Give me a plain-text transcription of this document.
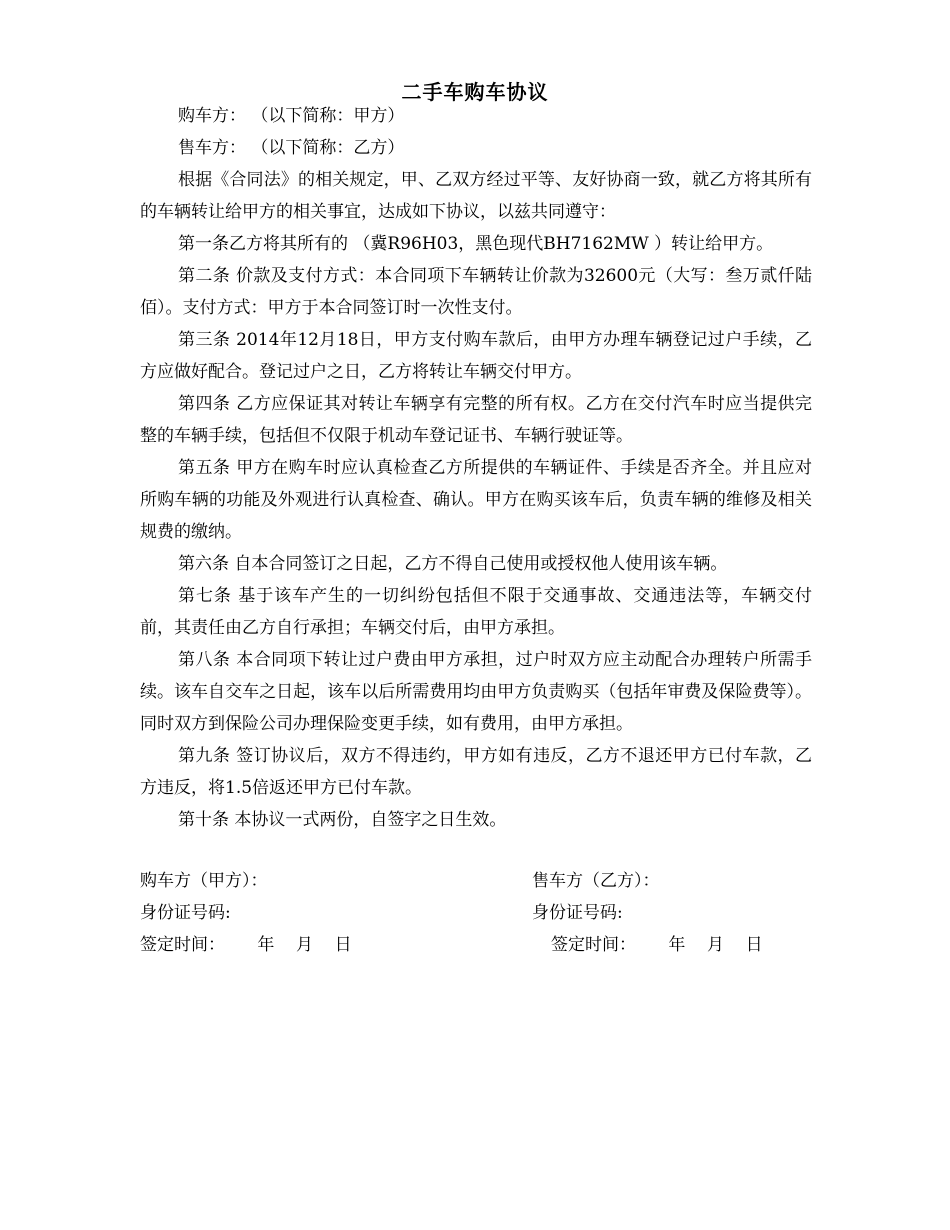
二手车购车协议

购车方： （以下简称：甲方）

售车方： （以下简称：乙方）

根据《合同法》的相关规定，甲、乙双方经过平等、友好协商一致，就乙方将其所有的车辆转让给甲方的相关事宜，达成如下协议，以兹共同遵守：

第一条乙方将其所有的 （冀R96H03，黑色现代BH7162MW ）转让给甲方。

第二条 价款及支付方式：本合同项下车辆转让价款为32600元（大写：叁万贰仟陆佰）。支付方式：甲方于本合同签订时一次性支付。

第三条 2014年12月18日，甲方支付购车款后，由甲方办理车辆登记过户手续，乙方应做好配合。登记过户之日，乙方将转让车辆交付甲方。

第四条 乙方应保证其对转让车辆享有完整的所有权。乙方在交付汽车时应当提供完整的车辆手续，包括但不仅限于机动车登记证书、车辆行驶证等。

第五条 甲方在购车时应认真检查乙方所提供的车辆证件、手续是否齐全。并且应对所购车辆的功能及外观进行认真检查、确认。甲方在购买该车后，负责车辆的维修及相关规费的缴纳。

第六条 自本合同签订之日起，乙方不得自己使用或授权他人使用该车辆。

第七条 基于该车产生的一切纠纷包括但不限于交通事故、交通违法等，车辆交付前，其责任由乙方自行承担；车辆交付后，由甲方承担。

第八条 本合同项下转让过户费由甲方承担，过户时双方应主动配合办理转户所需手续。该车自交车之日起，该车以后所需费用均由甲方负责购买（包括年审费及保险费等）。同时双方到保险公司办理保险变更手续，如有费用，由甲方承担。

第九条 签订协议后，双方不得违约，甲方如有违反，乙方不退还甲方已付车款，乙方违反，将1.5倍返还甲方已付车款。

第十条 本协议一式两份，自签字之日生效。

购车方（甲方）：	售车方（乙方）：
身份证号码:	身份证号码:
签定时间：      年    月    日	签定时间：      年    月    日
